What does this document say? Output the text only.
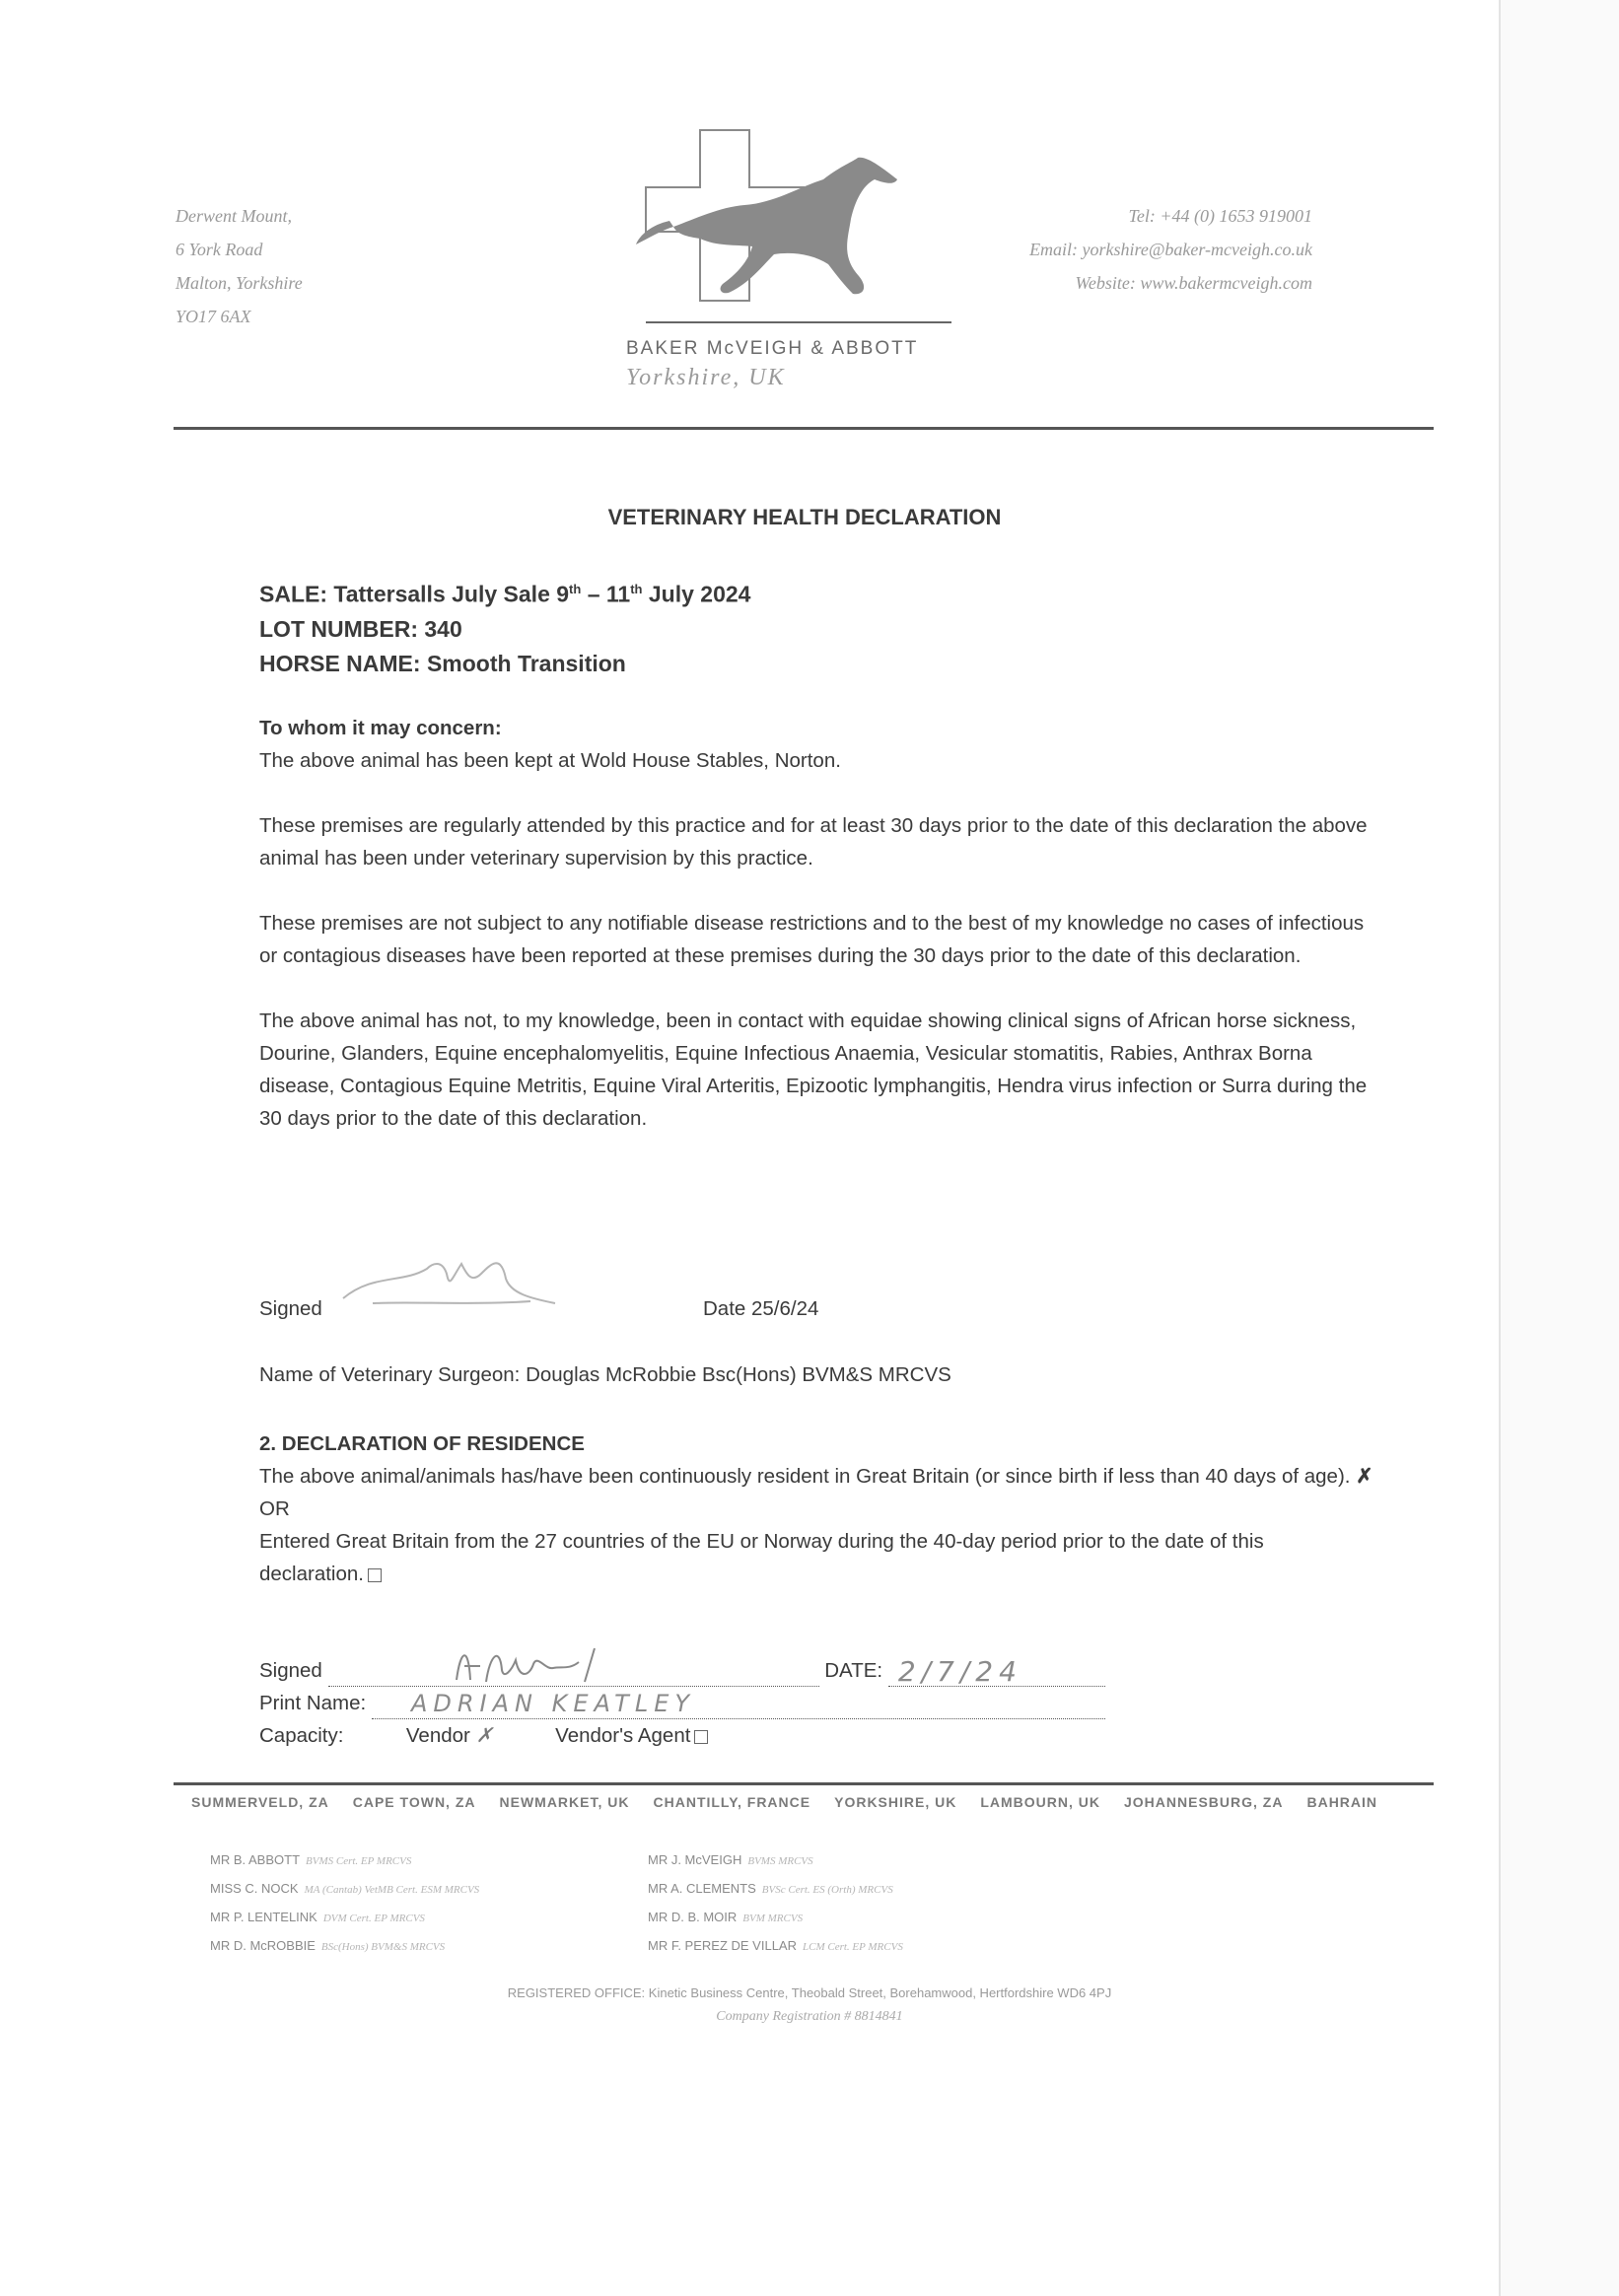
Derwent Mount,
6 York Road
Malton, Yorkshire
YO17 6AX
BAKER McVEIGH & ABBOTT
Yorkshire, UK
Tel: +44 (0) 1653 919001
Email: yorkshire@baker-mcveigh.co.uk
Website: www.bakermcveigh.com
VETERINARY HEALTH DECLARATION
SALE: Tattersalls July Sale 9th – 11th July 2024
LOT NUMBER: 340
HORSE NAME: Smooth Transition

To whom it may concern:
The above animal has been kept at Wold House Stables, Norton.

These premises are regularly attended by this practice and for at least 30 days prior to the date of this declaration the above animal has been under veterinary supervision by this practice.

These premises are not subject to any notifiable disease restrictions and to the best of my knowledge no cases of infectious or contagious diseases have been reported at these premises during the 30 days prior to the date of this declaration.

The above animal has not, to my knowledge, been in contact with equidae showing clinical signs of African horse sickness, Dourine, Glanders, Equine encephalomyelitis, Equine Infectious Anaemia, Vesicular stomatitis, Rabies, Anthrax Borna disease, Contagious Equine Metritis, Equine Viral Arteritis, Epizootic lymphangitis, Hendra virus infection or Surra during the 30 days prior to the date of this declaration.

Signed	Date 25/6/24
Name of Veterinary Surgeon: Douglas McRobbie Bsc(Hons) BVM&S MRCVS

2. DECLARATION OF RESIDENCE

The above animal/animals has/have been continuously resident in Great Britain (or since birth if less than 40 days of age). ✗

OR

Entered Great Britain from the 27 countries of the EU or Norway during the 40-day period prior to the date of this declaration.

Signed	DATE: 2/7/24
Print Name: ADRIAN KEATLEY
Capacity:	Vendor ✗	Vendor's Agent
SUMMERVELD, ZA CAPE TOWN, ZA NEWMARKET, UK CHANTILLY, FRANCE YORKSHIRE, UK LAMBOURN, UK JOHANNESBURG, ZA BAHRAIN
MR B. ABBOTT BVMS Cert. EP MRCVS
MISS C. NOCK MA (Cantab) VetMB Cert. ESM MRCVS
MR P. LENTELINK DVM Cert. EP MRCVS
MR D. McROBBIE BSc(Hons) BVM&S MRCVS
MR J. McVEIGH BVMS MRCVS
MR A. CLEMENTS BVSc Cert. ES (Orth) MRCVS
MR D. B. MOIR BVM MRCVS
MR F. PEREZ DE VILLAR LCM Cert. EP MRCVS
REGISTERED OFFICE: Kinetic Business Centre, Theobald Street, Borehamwood, Hertfordshire WD6 4PJ
Company Registration # 8814841
